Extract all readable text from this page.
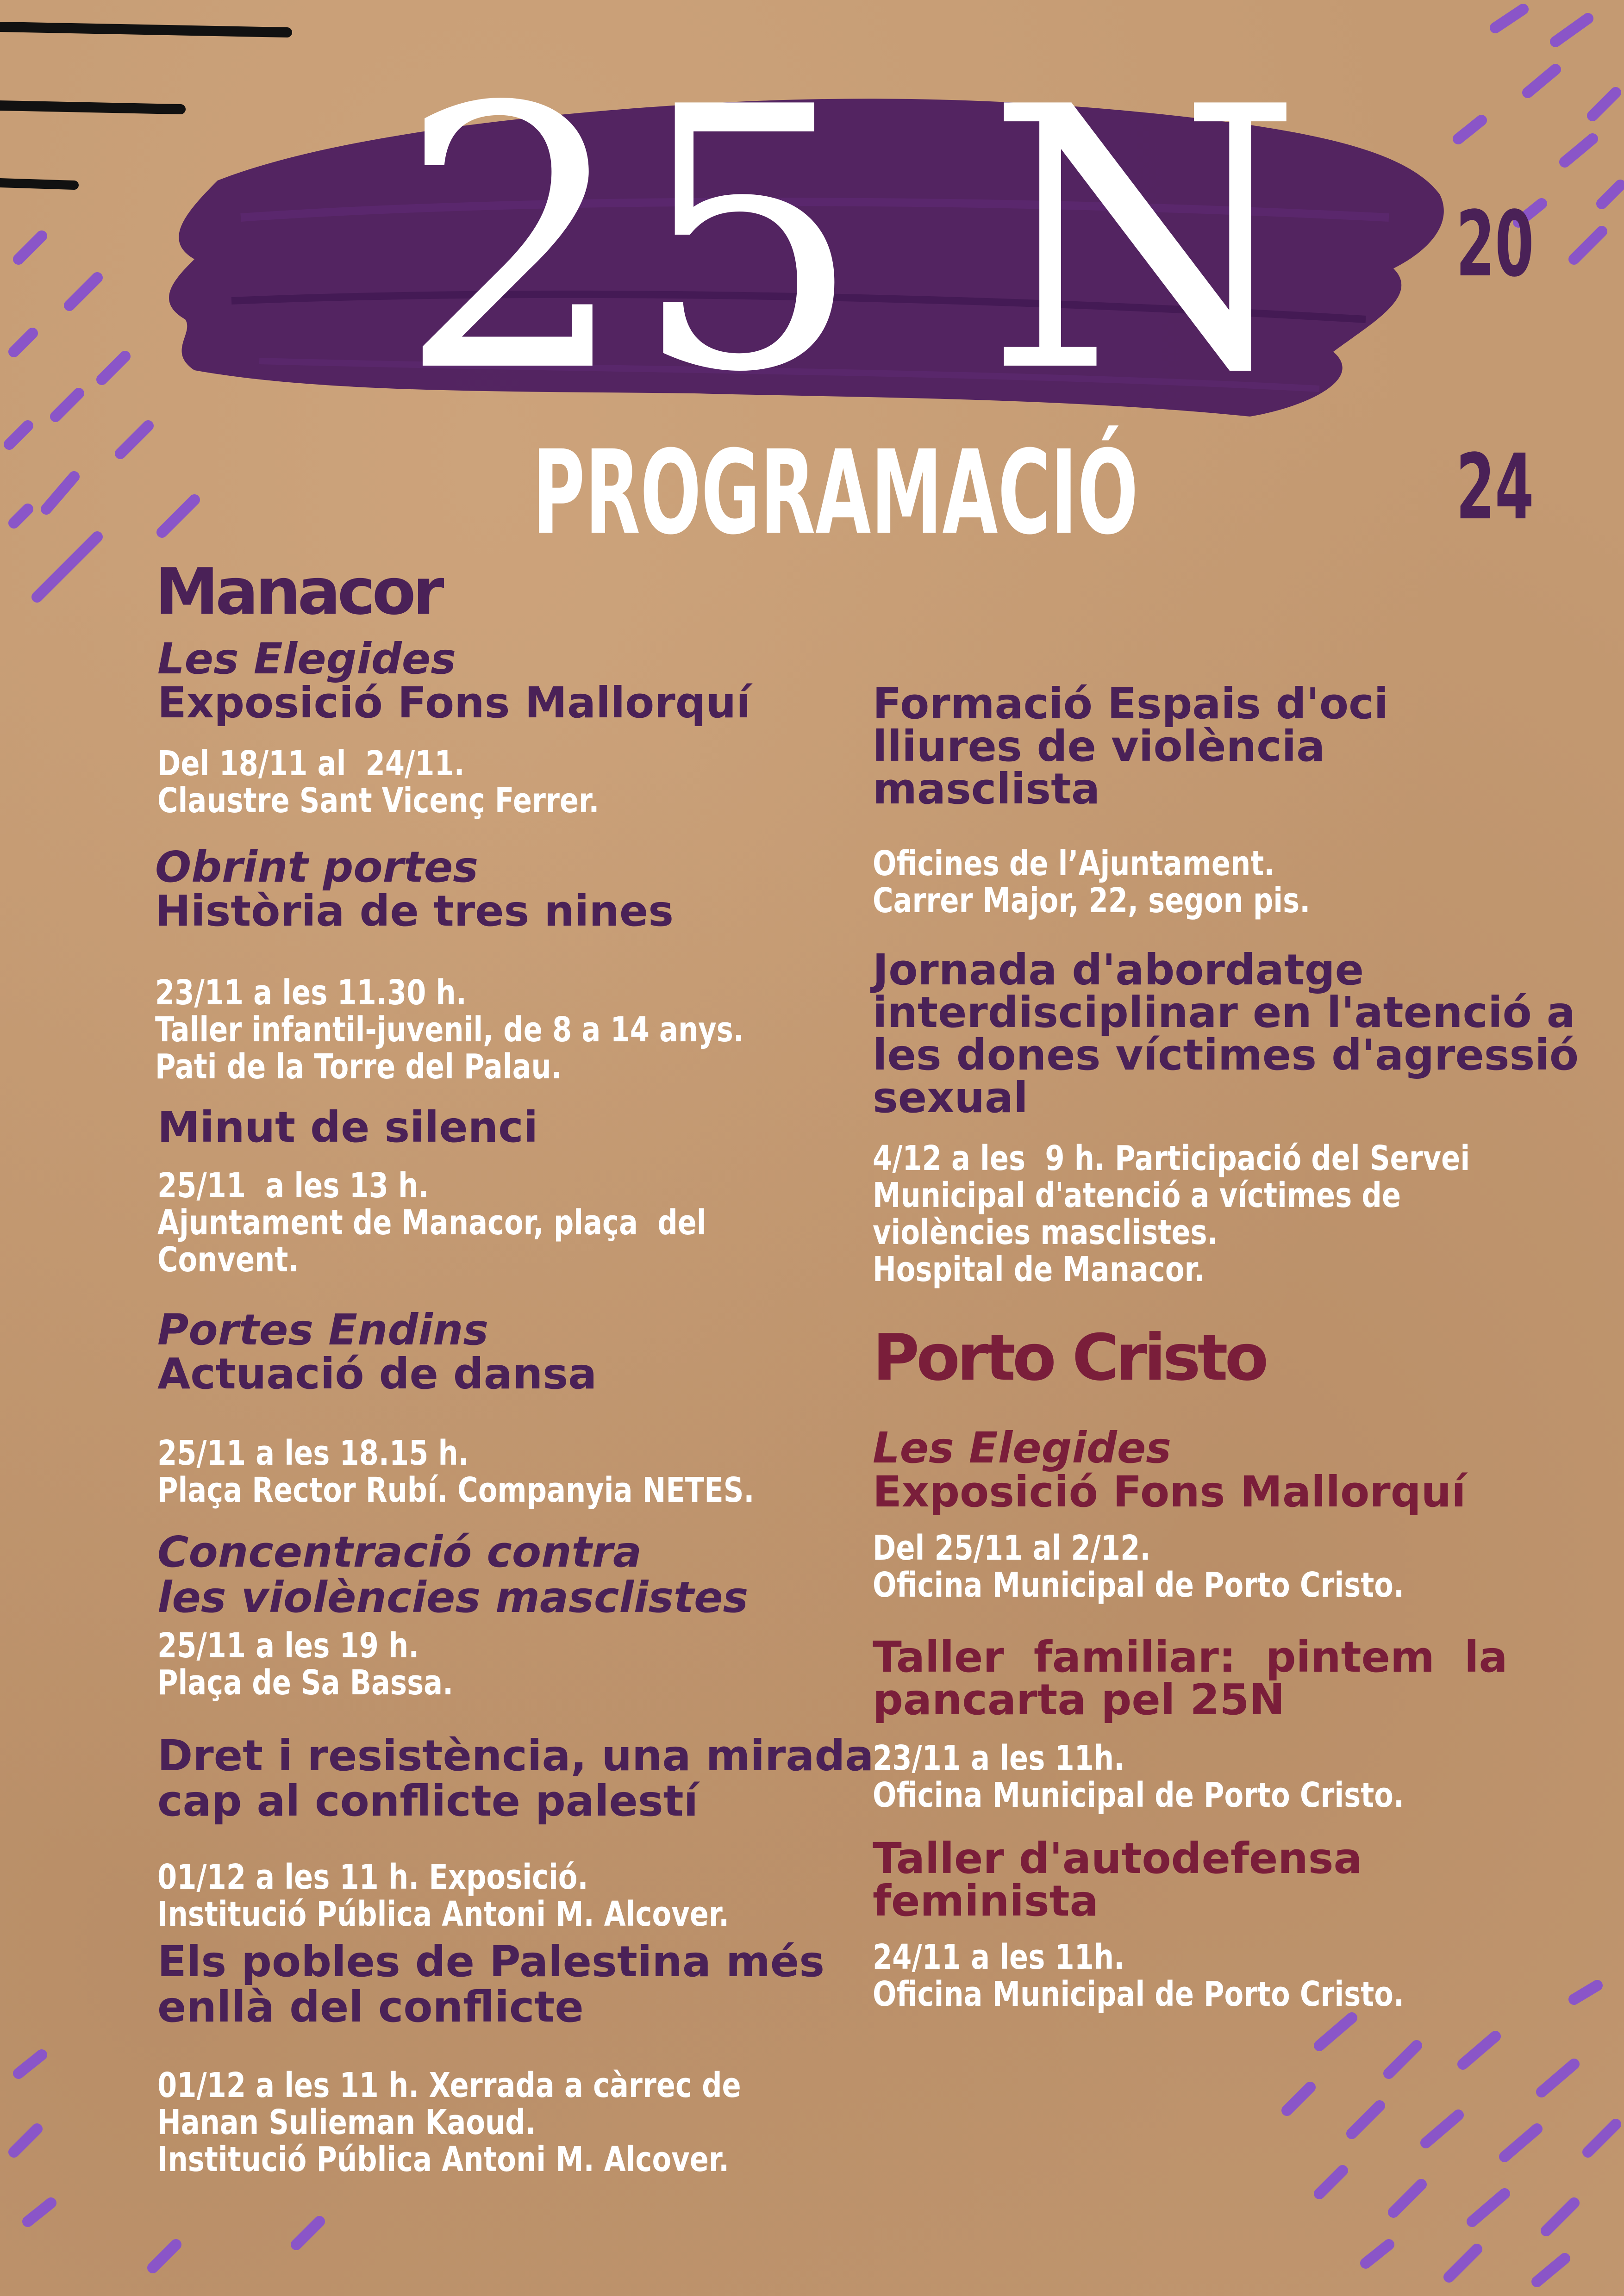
25 N
PROGRAMACIÓ

20

24

Manacor
Porto Cristo

Les Elegides

Exposició Fons Mallorquí

Del 18/11 al  24/11.

Claustre Sant Vicenç Ferrer.

Obrint portes

Història de tres nines

23/11 a les 11.30 h.

Taller infantil-juvenil, de 8 a 14 anys.

Pati de la Torre del Palau.

Minut de silenci

25/11  a les 13 h.

Ajuntament de Manacor, plaça  del

Convent.

Portes Endins

Actuació de dansa

25/11 a les 18.15 h.

Plaça Rector Rubí. Companyia NETES.

Concentració contra

les violències masclistes

25/11 a les 19 h.

Plaça de Sa Bassa.

Dret i resistència, una mirada

cap al conflicte palestí

01/12 a les 11 h. Exposició.

Institució Pública Antoni M. Alcover.

Els pobles de Palestina més

enllà del conflicte

01/12 a les 11 h. Xerrada a càrrec de

Hanan Sulieman Kaoud.

Institució Pública Antoni M. Alcover.

Formació Espais d'oci

lliures de violència

masclista

Oficines de l’Ajuntament.

Carrer Major, 22, segon pis.

Jornada d'abordatge

interdisciplinar en l'atenció a

les dones víctimes d'agressió

sexual

4/12 a les  9 h. Participació del Servei

Municipal d'atenció a víctimes de

violències masclistes.

Hospital de Manacor.

Les Elegides

Exposició Fons Mallorquí

Del 25/11 al 2/12.

Oficina Municipal de Porto Cristo.

Taller  familiar:  pintem  la

pancarta pel 25N

23/11 a les 11h.

Oficina Municipal de Porto Cristo.

Taller d'autodefensa

feminista

24/11 a les 11h.

Oficina Municipal de Porto Cristo.
